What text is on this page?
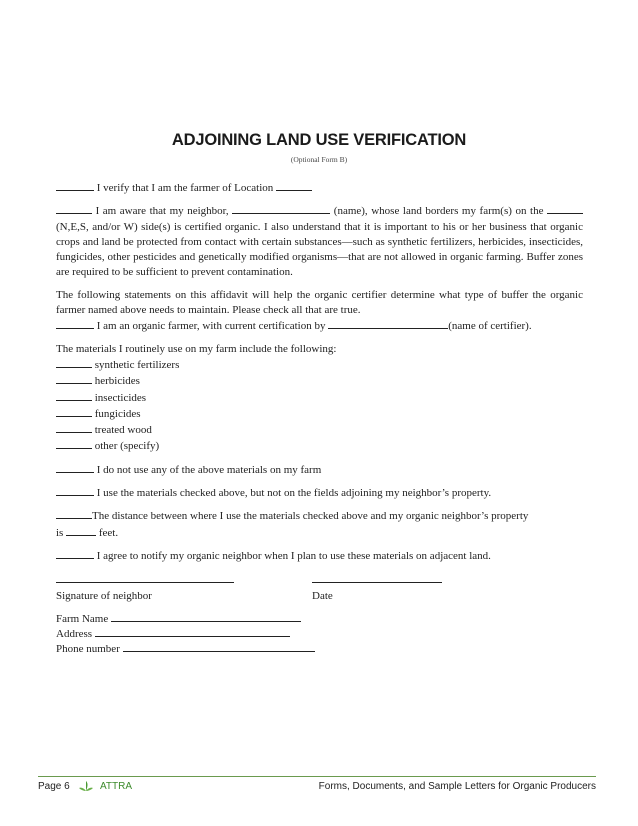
ADJOINING LAND USE VERIFICATION
(Optional Form B)

I verify that I am the farmer of Location

I am aware that my neighbor,	(name), whose land borders my farm(s) on the  (N,E,S, and/or W) side(s) is certified organic. I also understand that it is important to his or her business that organic crops and land be protected from contact with certain substances—such as synthetic fertilizers, herbicides, insecticides, fungicides, other pesticides and genetically modified organisms—that are not allowed in organic farming. Buffer zones are required to be sufficient to prevent contamination.

The following statements on this affidavit will help the organic certifier determine what type of buffer the organic farmer named above needs to maintain. Please check all that are true.

I am an organic farmer, with current certification by	(name of certifier).

The materials I routinely use on my farm include the following:

synthetic fertilizers

herbicides

insecticides

fungicides

treated wood

other (specify)

I do not use any of the above materials on my farm

I use the materials checked above, but not on the fields adjoining my neighbor’s property.

The distance between where I use the materials checked above and my organic neighbor’s property
is	feet.

I agree to notify my organic neighbor when I plan to use these materials on adjacent land.

Signature of neighbor	Date
Farm Name
Address
Phone number
Page 6	ATTRA	Forms, Documents, and Sample Letters for Organic Producers
